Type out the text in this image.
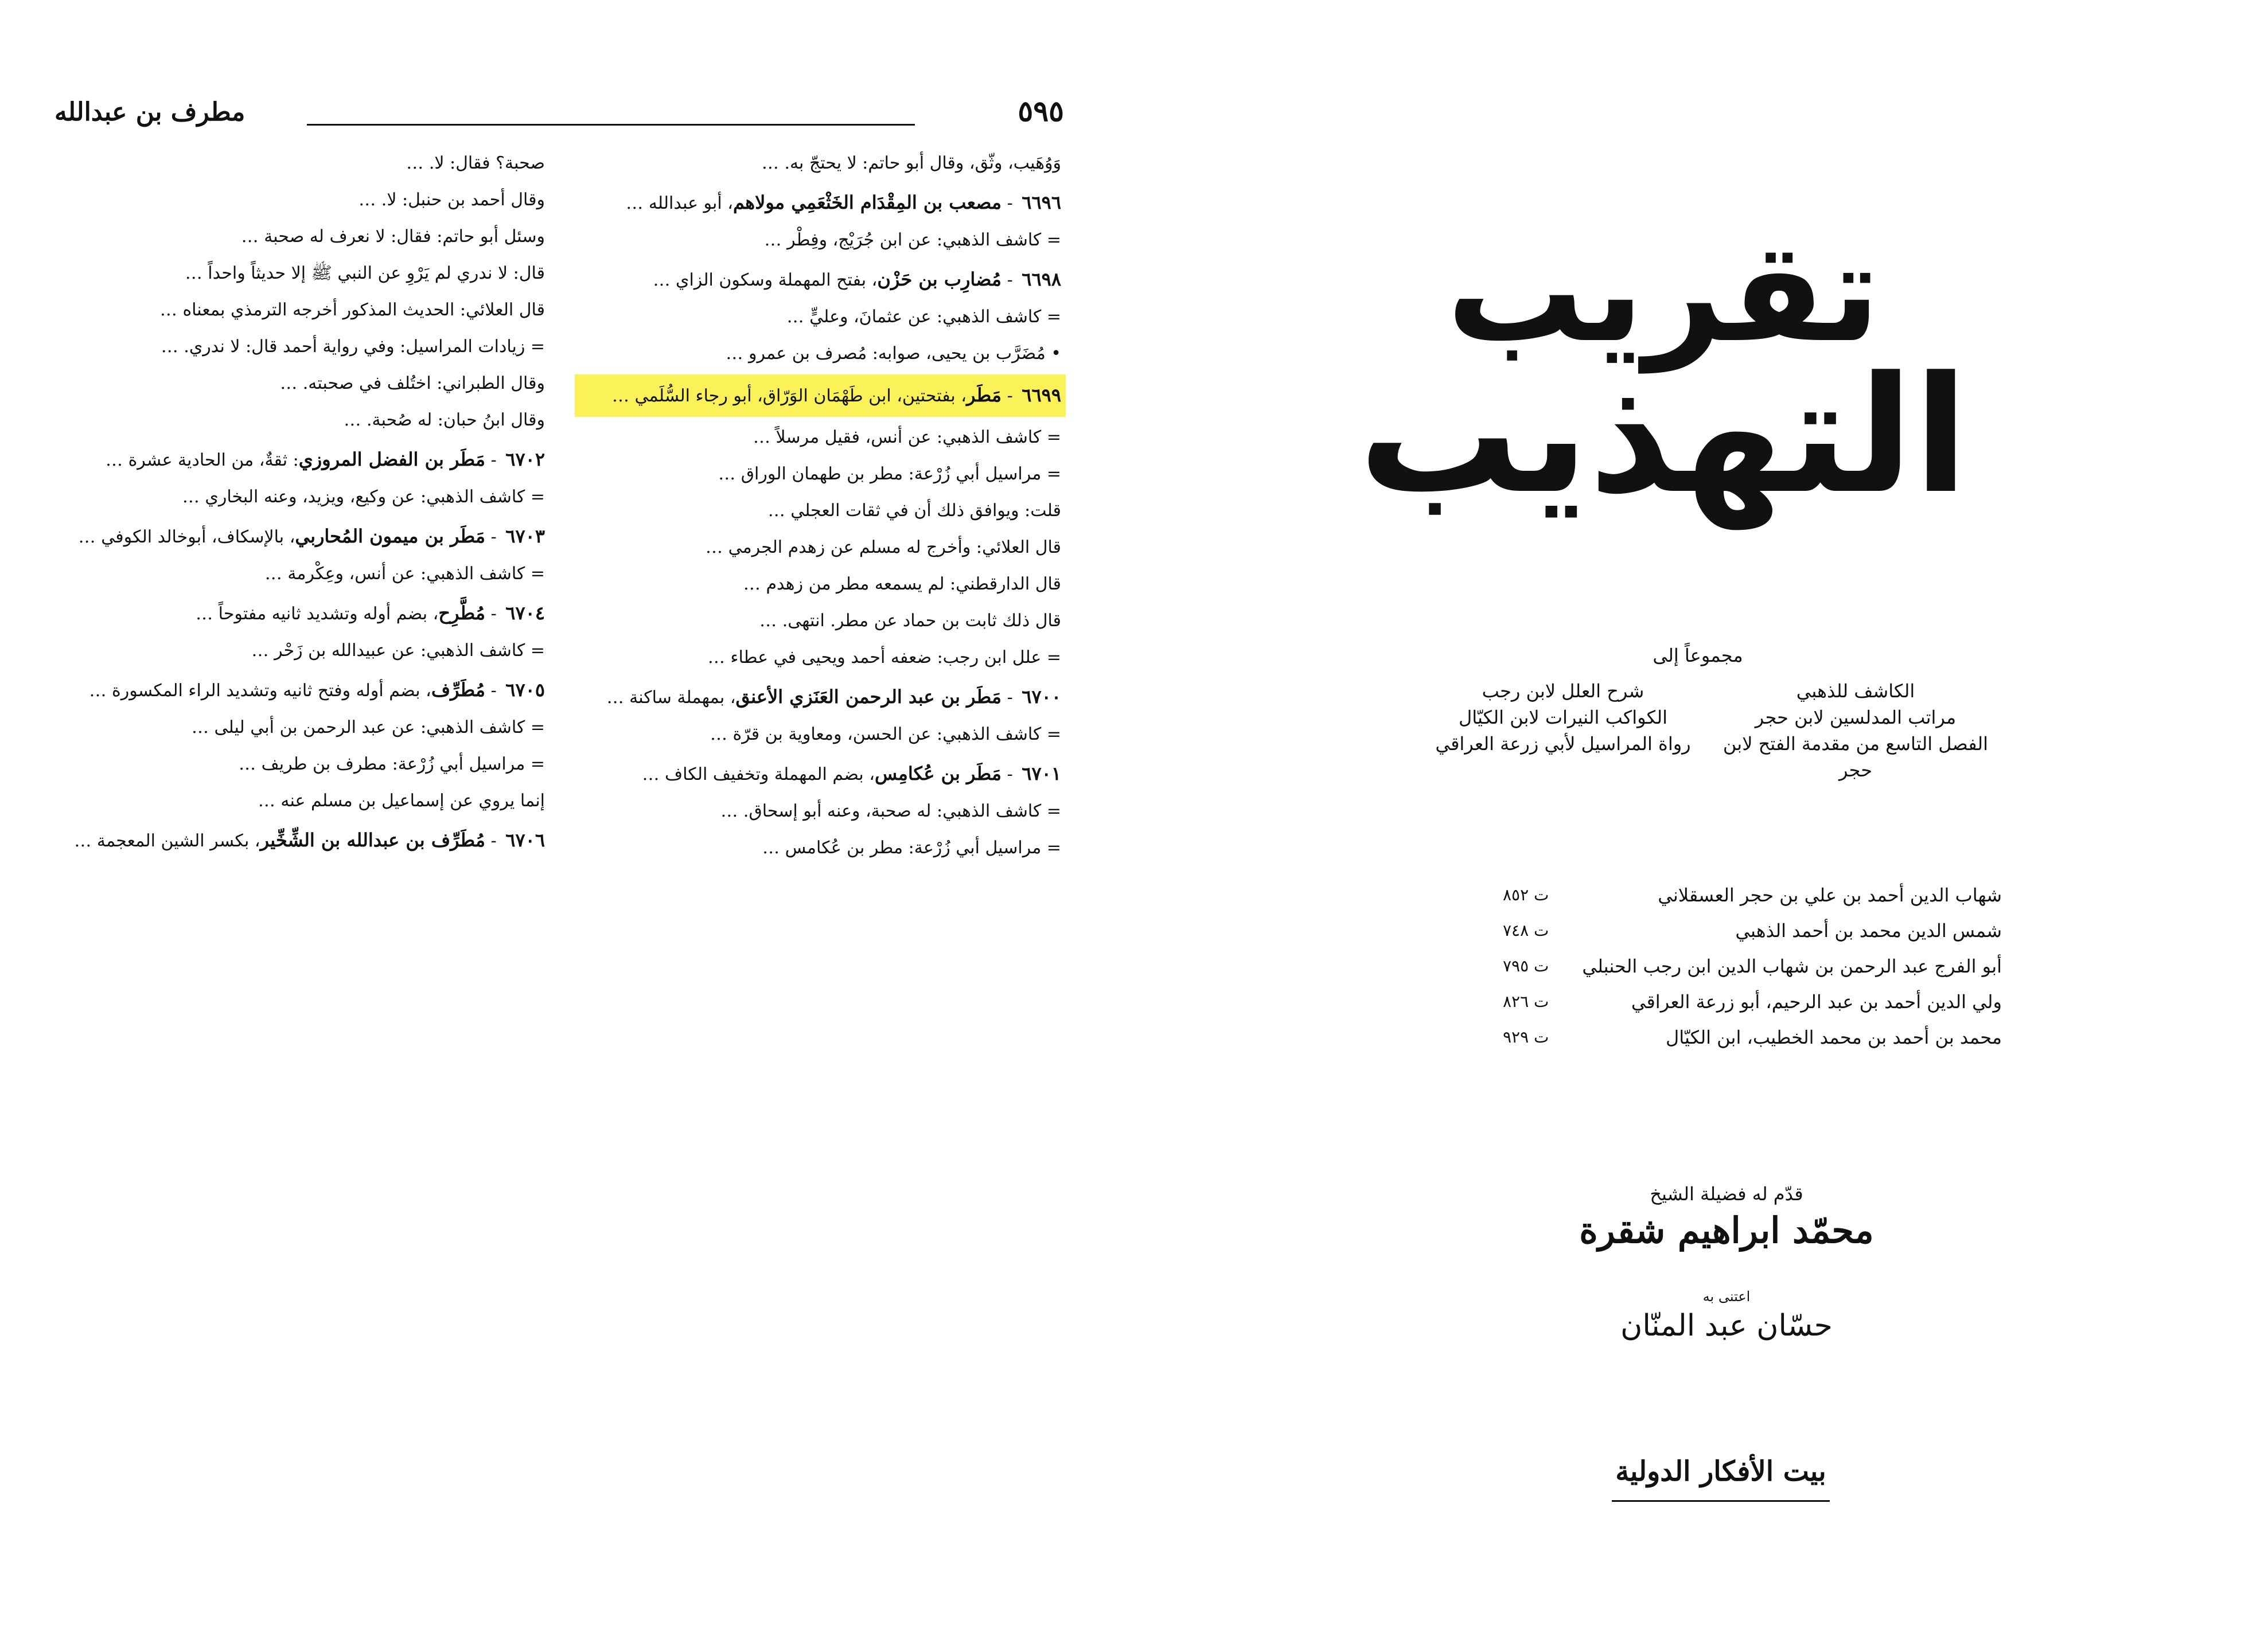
مطرف بن عبدالله	٥٩٥

وَوُهَيب، وثّق، وقال أبو حاتم: لا يحتجّ به. …

٦٦٩٦ - مصعب بن المِقْدَام الخَثْعَمِي مولاهم، أبو عبدالله …

= كاشف الذهبي: عن ابن جُرَيْج، وفِطْر …

٦٦٩٨ - مُضارِب بن حَزْن، بفتح المهملة وسكون الزاي …

= كاشف الذهبي: عن عثمانَ، وعليٍّ …

• مُضَرَّب بن يحيى، صوابه: مُصرف بن عمرو …

٦٦٩٩ - مَطَر، بفتحتين، ابن طَهْمَان الوَرّاق، أبو رجاء السُّلَمي …

= كاشف الذهبي: عن أنس، فقيل مرسلاً …

= مراسيل أبي زُرْعة: مطر بن طهمان الوراق …

قلت: ويوافق ذلك أن في ثقات العجلي …

قال العلائي: وأخرج له مسلم عن زهدم الجرمي …

قال الدارقطني: لم يسمعه مطر من زهدم …

قال ذلك ثابت بن حماد عن مطر. انتهى. …

= علل ابن رجب: ضعفه أحمد ويحيى في عطاء …

٦٧٠٠ - مَطَر بن عبد الرحمن العَنَزي الأعنق، بمهملة ساكنة …

= كاشف الذهبي: عن الحسن، ومعاوية بن قرّة …

٦٧٠١ - مَطَر بن عُكامِس، بضم المهملة وتخفيف الكاف …

= كاشف الذهبي: له صحبة، وعنه أبو إسحاق. …

= مراسيل أبي زُرْعة: مطر بن عُكامس …

صحبة؟ فقال: لا. …

وقال أحمد بن حنبل: لا. …

وسئل أبو حاتم: فقال: لا نعرف له صحبة …

قال: لا ندري لم يَرْوِ عن النبي ﷺ إلا حديثاً واحداً …

قال العلائي: الحديث المذكور أخرجه الترمذي بمعناه …

= زيادات المراسيل: وفي رواية أحمد قال: لا ندري. …

وقال الطبراني: اختُلف في صحبته. …

وقال ابنُ حبان: له صُحبة. …

٦٧٠٢ - مَطَر بن الفضل المروزي: ثقةٌ، من الحادية عشرة …

= كاشف الذهبي: عن وكيع، ويزيد، وعنه البخاري …

٦٧٠٣ - مَطَر بن ميمون المُحاربي، بالإسكاف، أبوخالد الكوفي …

= كاشف الذهبي: عن أنس، وعِكْرمة …

٦٧٠٤ - مُطَّرِح، بضم أوله وتشديد ثانيه مفتوحاً …

= كاشف الذهبي: عن عبيدالله بن زَحْر …

٦٧٠٥ - مُطَرِّف، بضم أوله وفتح ثانيه وتشديد الراء المكسورة …

= كاشف الذهبي: عن عبد الرحمن بن أبي ليلى …

= مراسيل أبي زُرْعة: مطرف بن طريف …

إنما يروي عن إسماعيل بن مسلم عنه …

٦٧٠٦ - مُطَرِّف بن عبدالله بن الشِّخِّير، بكسر الشين المعجمة …

تقريب
التهذيب
مجموعاً إلى
الكاشف للذهبي
مراتب المدلسين لابن حجر
الفصل التاسع من مقدمة الفتح لابن حجر
شرح العلل لابن رجب
الكواكب النيرات لابن الكيّال
رواة المراسيل لأبي زرعة العراقي
شهاب الدين أحمد بن علي بن حجر العسقلاني
ت ٨٥٢
شمس الدين محمد بن أحمد الذهبي
ت ٧٤٨
أبو الفرج عبد الرحمن بن شهاب الدين ابن رجب الحنبلي
ت ٧٩٥
ولي الدين أحمد بن عبد الرحيم، أبو زرعة العراقي
ت ٨٢٦
محمد بن أحمد بن محمد الخطيب، ابن الكيّال
ت ٩٢٩
قدّم له فضيلة الشيخ
محمّد ابراهيم شقرة
اعتنى به
حسّان عبد المنّان
بيت الأفكار الدولية
